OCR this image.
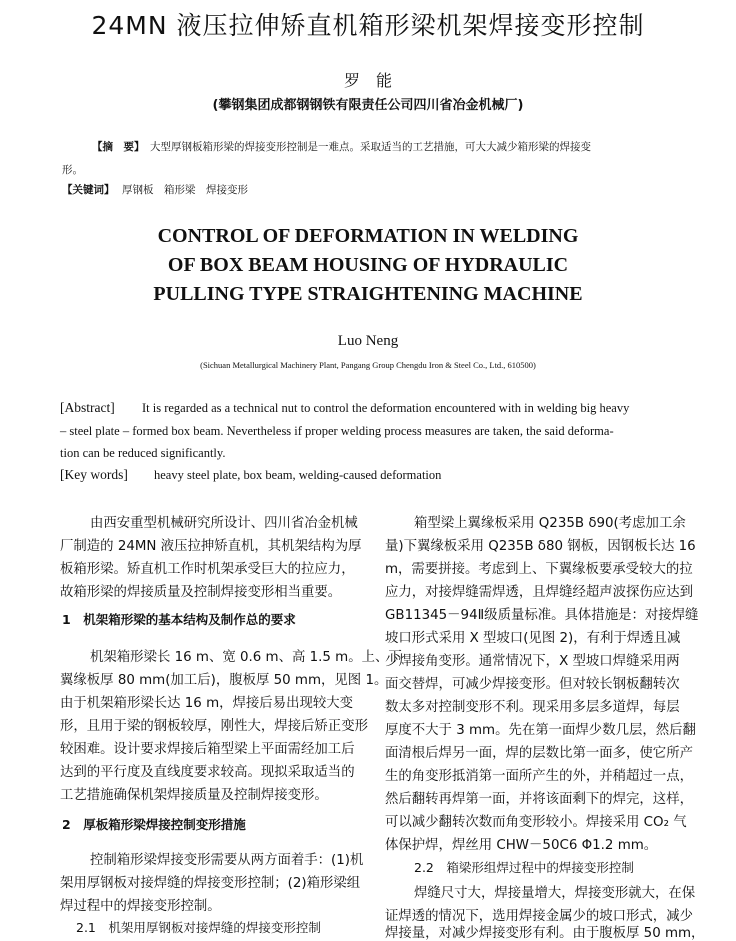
24MN 液压拉伸矫直机箱形梁机架焊接变形控制
罗　能
(攀钢集团成都钢钢铁有限责任公司四川省冶金机械厂)
【摘　要】 大型厚钢板箱形梁的焊接变形控制是一难点。采取适当的工艺措施，可大大减少箱形梁的焊接变
形。
【关键词】 厚钢板　箱形梁　焊接变形
CONTROL OF DEFORMATION IN WELDING
OF BOX BEAM HOUSING OF HYDRAULIC
PULLING TYPE STRAIGHTENING MACHINE
Luo Neng
(Sichuan Metallurgical Machinery Plant, Pangang Group Chengdu Iron & Steel Co., Ltd., 610500)
[Abstract] It is regarded as a technical nut to control the deformation encountered with in welding big heavy
– steel plate – formed box beam. Nevertheless if proper welding process measures are taken, the said deforma-
tion can be reduced significantly.
[Key words] heavy steel plate, box beam, welding-caused deformation
由西安重型机械研究所设计、四川省冶金机械
厂制造的 24MN 液压拉抻矫直机，其机架结构为厚
板箱形梁。矫直机工作时机架承受巨大的拉应力，
故箱形梁的焊接质量及控制焊接变形相当重要。
1　机架箱形梁的基本结构及制作总的要求
机架箱形梁长 16 m、宽 0.6 m、高 1.5 m。上、下
翼缘板厚 80 mm(加工后)，腹板厚 50 mm，见图 1。
由于机架箱形梁长达 16 m，焊接后易出现较大变
形，且用于梁的钢板较厚，刚性大，焊接后矫正变形
较困难。设计要求焊接后箱型梁上平面需经加工后
达到的平行度及直线度要求较高。现拟采取适当的
工艺措施确保机架焊接质量及控制焊接变形。
2　厚板箱形梁焊接控制变形措施
控制箱形梁焊接变形需要从两方面着手：(1)机
架用厚钢板对接焊缝的焊接变形控制；(2)箱形梁组
焊过程中的焊接变形控制。
2.1　机架用厚钢板对接焊缝的焊接变形控制
箱型梁上翼缘板采用 Q235B δ90(考虑加工余
量)下翼缘板采用 Q235B δ80 钢板，因钢板长达 16
m，需要拼接。考虑到上、下翼缘板要承受较大的拉
应力，对接焊缝需焊透，且焊缝经超声波探伤应达到
GB11345－94Ⅱ级质量标准。具体措施是：对接焊缝
坡口形式采用 X 型坡口(见图 2)，有利于焊透且减
少焊接角变形。通常情况下，X 型坡口焊缝采用两
面交替焊，可减少焊接变形。但对较长钢板翻转次
数太多对控制变形不利。现采用多层多道焊，每层
厚度不大于 3 mm。先在第一面焊少数几层，然后翻
面清根后焊另一面，焊的层数比第一面多，使它所产
生的角变形抵消第一面所产生的外，并稍超过一点，
然后翻转再焊第一面，并将该面剩下的焊完，这样，
可以减少翻转次数而角变形较小。焊接采用 CO₂ 气
体保护焊，焊丝用 CHW－50C6 Φ1.2 mm。
2.2　箱梁形组焊过程中的焊接变形控制
焊缝尺寸大，焊接量增大，焊接变形就大，在保
证焊透的情况下，选用焊接金属少的坡口形式，减少
焊接量，对减少焊接变形有利。由于腹板厚 50 mm，
